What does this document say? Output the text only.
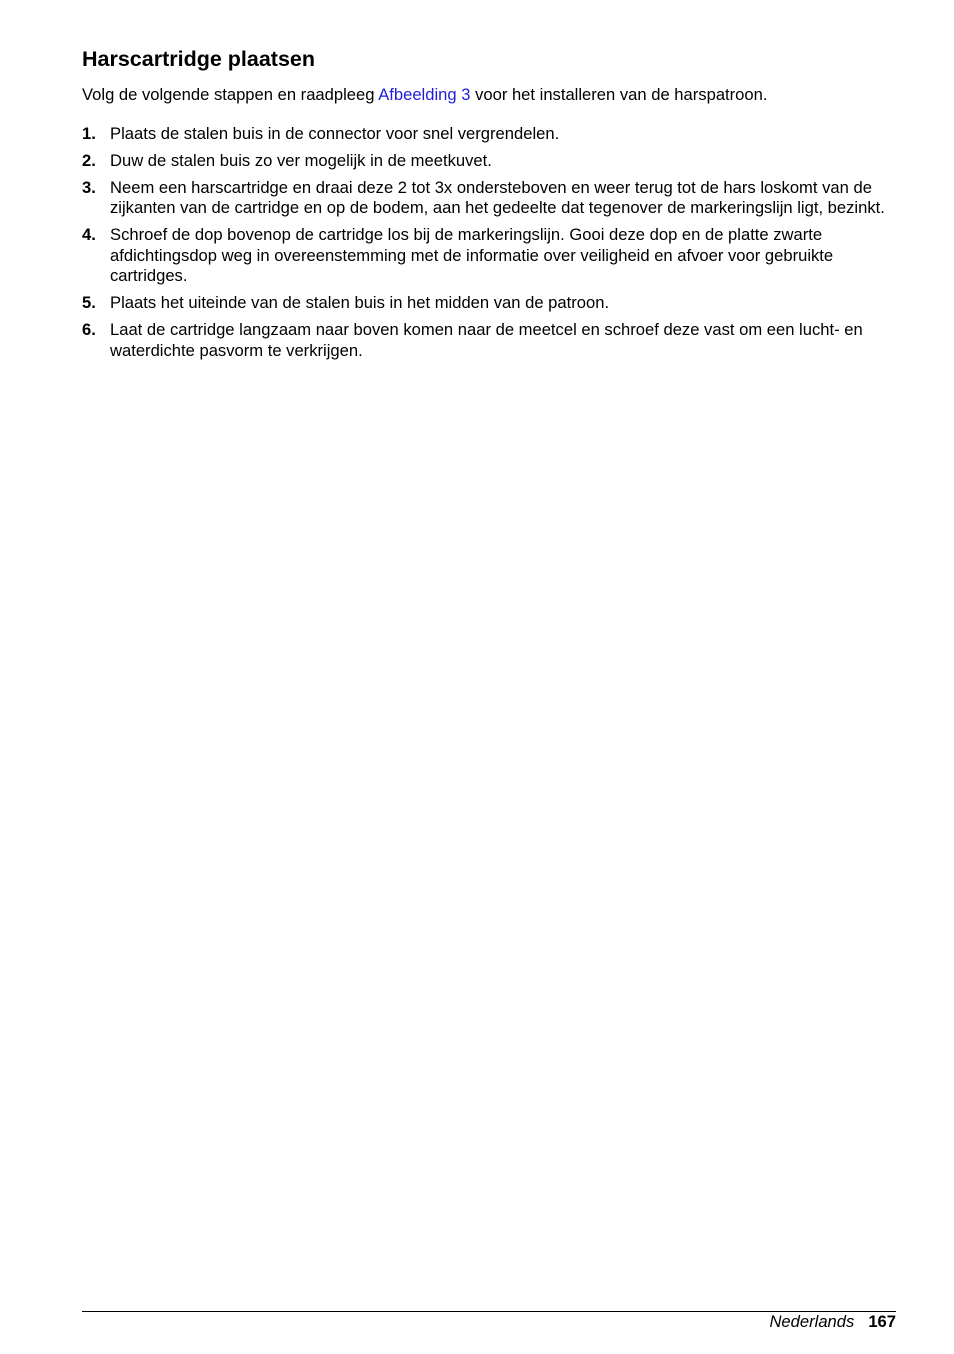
Harscartridge plaatsen

Volg de volgende stappen en raadpleeg Afbeelding 3 voor het installeren van de harspatroon.

1. Plaats de stalen buis in de connector voor snel vergrendelen.
2. Duw de stalen buis zo ver mogelijk in de meetkuvet.
3. Neem een harscartridge en draai deze 2 tot 3x ondersteboven en weer terug tot de hars loskomt van de zijkanten van de cartridge en op de bodem, aan het gedeelte dat tegenover de markeringslijn ligt, bezinkt.
4. Schroef de dop bovenop de cartridge los bij de markeringslijn. Gooi deze dop en de platte zwarte afdichtingsdop weg in overeenstemming met de informatie over veiligheid en afvoer voor gebruikte cartridges.
5. Plaats het uiteinde van de stalen buis in het midden van de patroon.
6. Laat de cartridge langzaam naar boven komen naar de meetcel en schroef deze vast om een lucht- en waterdichte pasvorm te verkrijgen.
Nederlands 167
